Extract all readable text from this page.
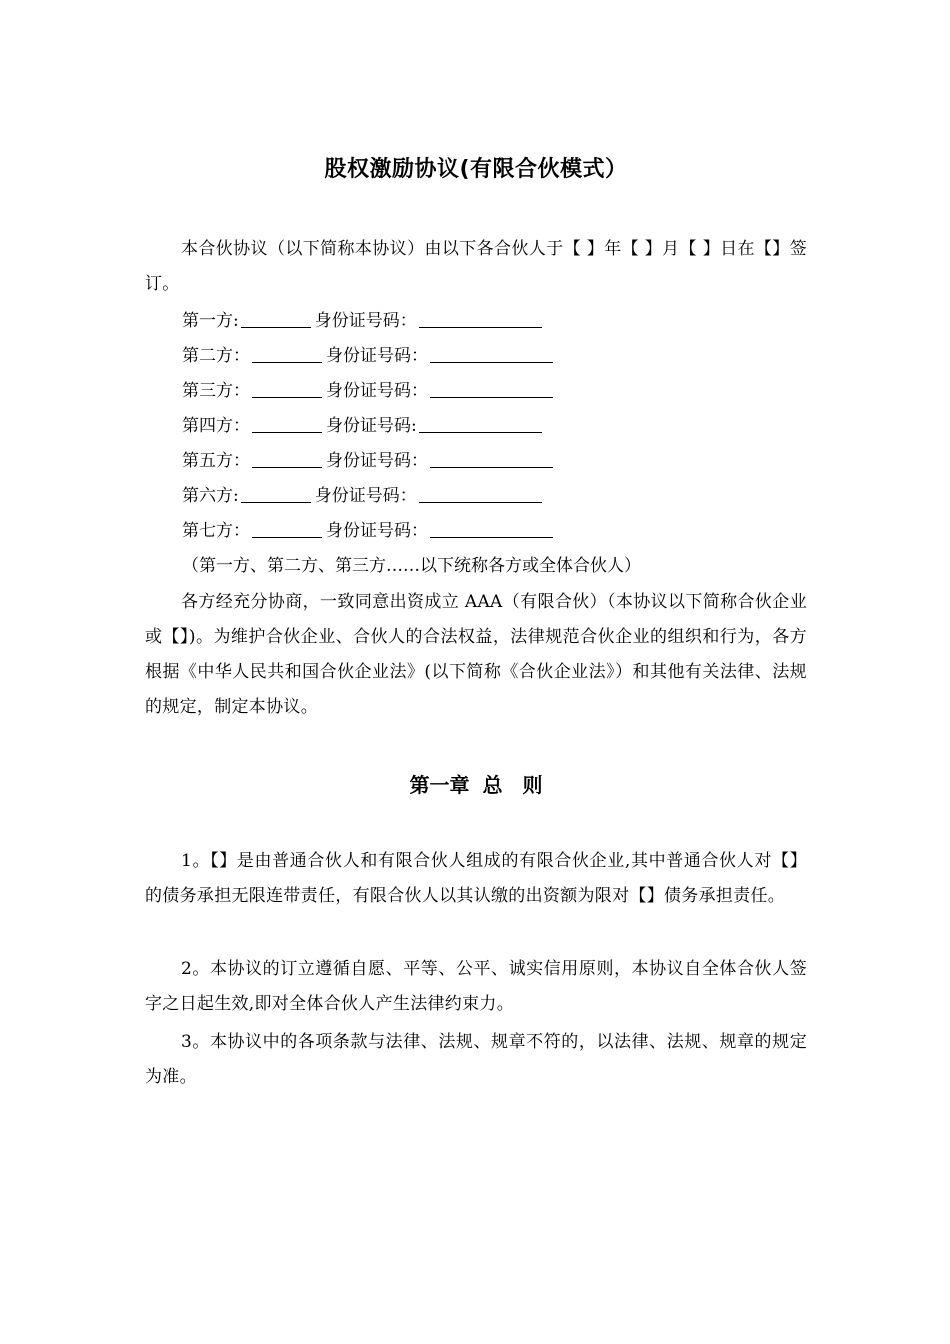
股权激励协议(有限合伙模式）
本合伙协议（以下简称本协议）由以下各合伙人于【 】年【 】月【 】日在【】签订。
第一方:	身份证号码：
第二方：	身份证号码：
第三方：	身份证号码：
第四方：	身份证号码:
第五方：	身份证号码：
第六方:	身份证号码：
第七方：	身份证号码：
（第一方、第二方、第三方……以下统称各方或全体合伙人）
各方经充分协商，一致同意出资成立 AAA（有限合伙）（本协议以下简称合伙企业或【】)。为维护合伙企业、合伙人的合法权益，法律规范合伙企业的组织和行为，各方根据《中华人民共和国合伙企业法》(以下简称《合伙企业法》）和其他有关法律、法规的规定，制定本协议。
第一章 总　则
1。【】是由普通合伙人和有限合伙人组成的有限合伙企业,其中普通合伙人对【】的债务承担无限连带责任，有限合伙人以其认缴的出资额为限对【】债务承担责任。
2。本协议的订立遵循自愿、平等、公平、诚实信用原则，本协议自全体合伙人签字之日起生效,即对全体合伙人产生法律约束力。
3。本协议中的各项条款与法律、法规、规章不符的，以法律、法规、规章的规定为准。
